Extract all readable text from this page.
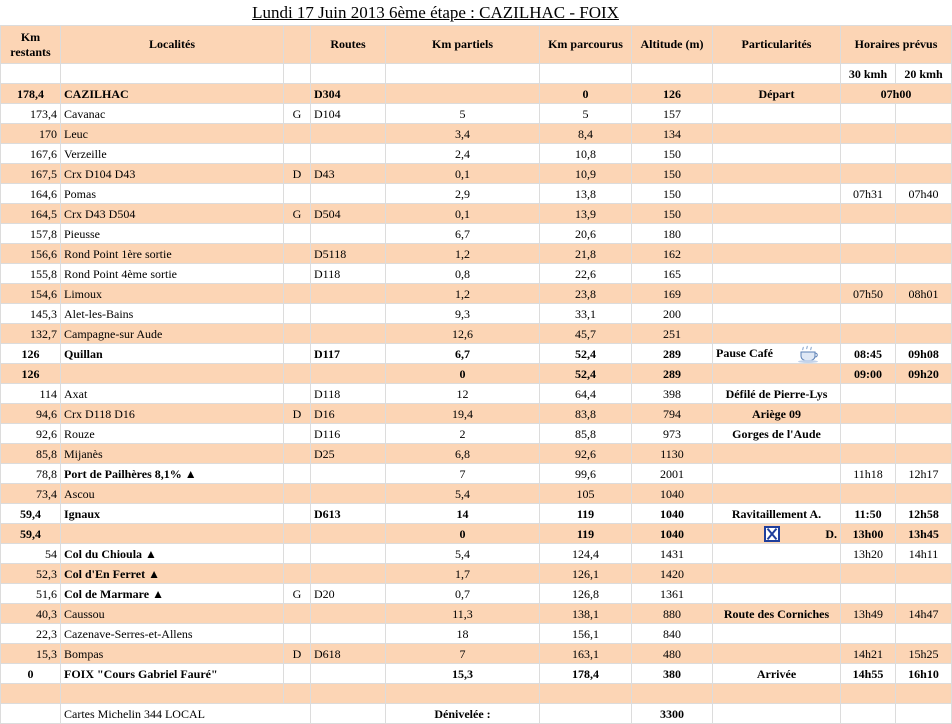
Lundi 17 Juin 2013 6ème étape : CAZILHAC - FOIX
Km restants	Localités		Routes	Km partiels	Km parcourus	Altitude (m)	Particularités	Horaires prévus	
								30 kmh	20 kmh
178,4	CAZILHAC		D304		0	126	Départ	07h00	
173,4	Cavanac	G	D104	5	5	157			
170	Leuc			3,4	8,4	134			
167,6	Verzeille			2,4	10,8	150			
167,5	Crx D104 D43	D	D43	0,1	10,9	150			
164,6	Pomas			2,9	13,8	150		07h31	07h40
164,5	Crx D43 D504	G	D504	0,1	13,9	150			
157,8	Pieusse			6,7	20,6	180			
156,6	Rond Point 1ère sortie		D5118	1,2	21,8	162			
155,8	Rond Point 4ème sortie		D118	0,8	22,6	165			
154,6	Limoux			1,2	23,8	169		07h50	08h01
145,3	Alet-les-Bains			9,3	33,1	200			
132,7	Campagne-sur Aude			12,6	45,7	251			
126	Quillan		D117	6,7	52,4	289	Pause Café	08:45	09h08
126				0	52,4	289		09:00	09h20
114	Axat		D118	12	64,4	398	Défilé de Pierre-Lys		
94,6	Crx D118 D16	D	D16	19,4	83,8	794	Ariège 09		
92,6	Rouze		D116	2	85,8	973	Gorges de l'Aude		
85,8	Mijanès		D25	6,8	92,6	1130			
78,8	Port de Pailhères 8,1% ▲			7	99,6	2001		11h18	12h17
73,4	Ascou			5,4	105	1040			
59,4	Ignaux		D613	14	119	1040	Ravitaillement A.	11:50	12h58
59,4				0	119	1040	D.	13h00	13h45
54	Col du Chioula ▲			5,4	124,4	1431		13h20	14h11
52,3	Col d'En Ferret ▲			1,7	126,1	1420			
51,6	Col de Marmare ▲	G	D20	0,7	126,8	1361			
40,3	Caussou			11,3	138,1	880	Route des Corniches	13h49	14h47
22,3	Cazenave-Serres-et-Allens			18	156,1	840			
15,3	Bompas	D	D618	7	163,1	480		14h21	15h25
0	FOIX "Cours Gabriel Fauré"			15,3	178,4	380	Arrivée	14h55	16h10

	Cartes Michelin 344 LOCAL			Dénivelée :		3300			
